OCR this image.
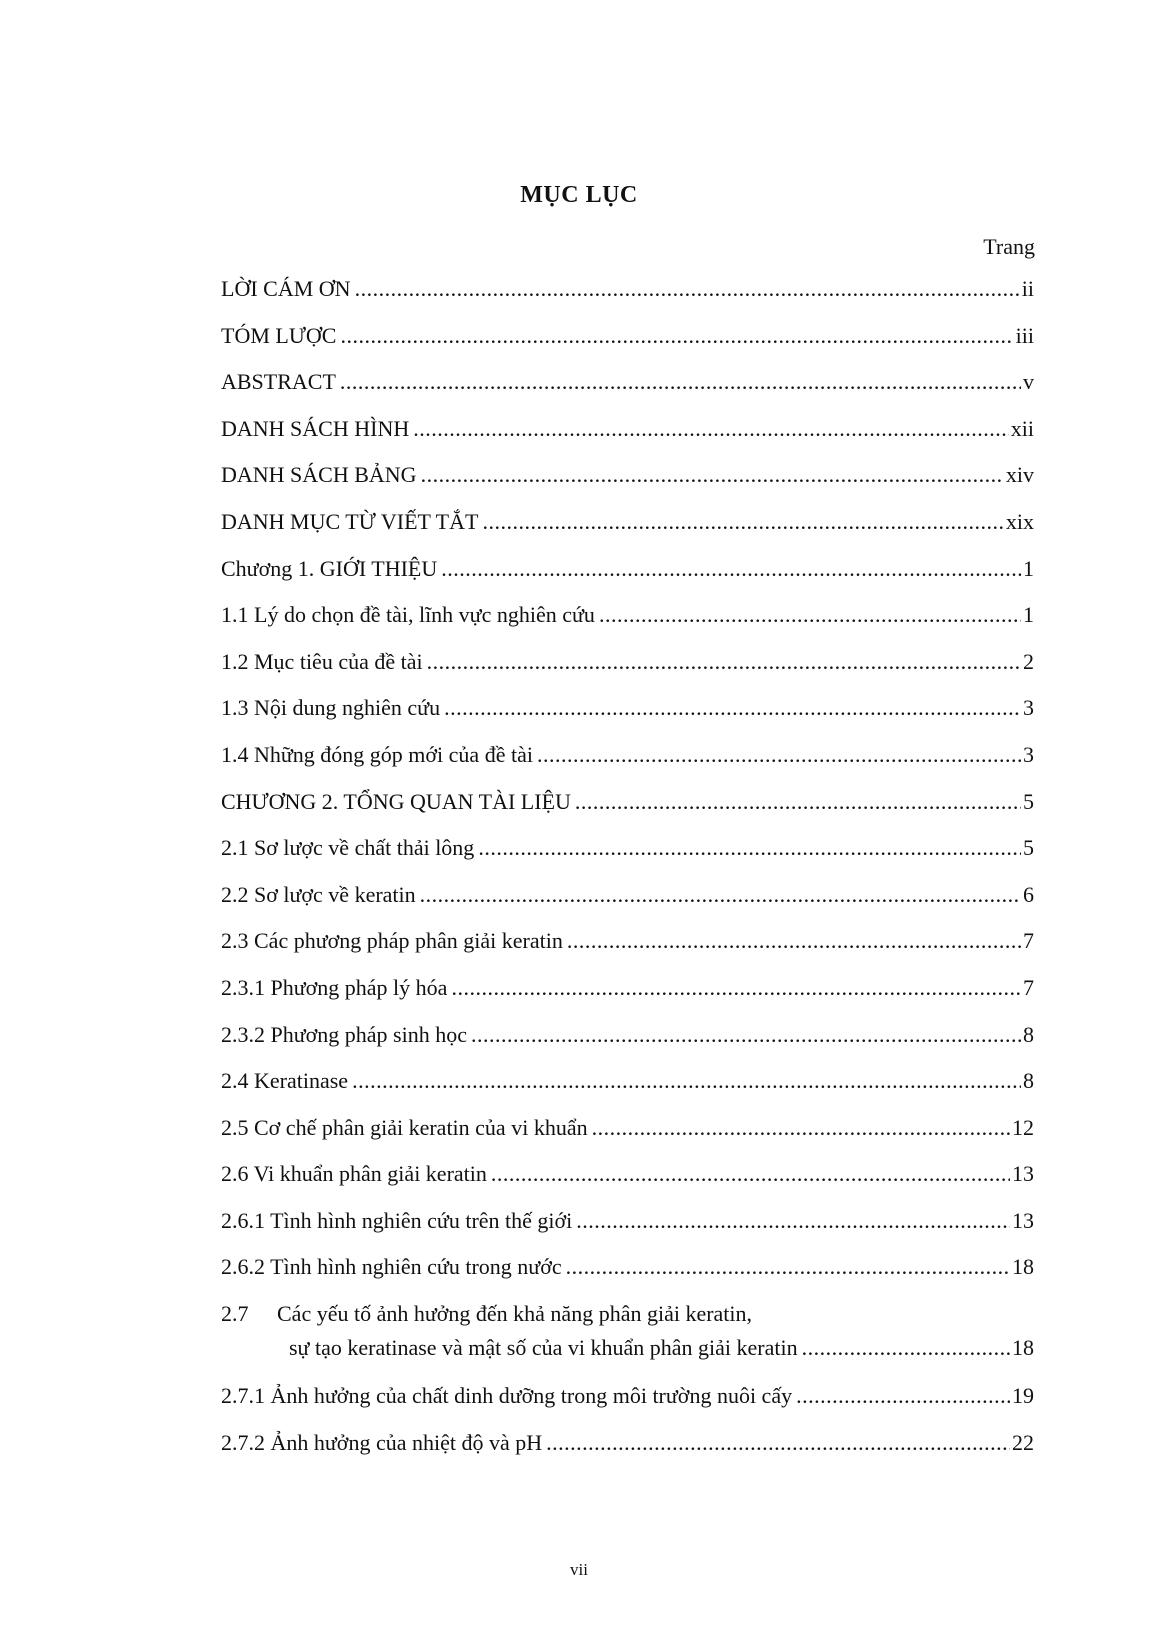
MỤC LỤC
Trang
LỜI CÁM ƠN .....	ii
TÓM LƯỢC .....	iii
ABSTRACT .....	v
DANH SÁCH HÌNH .....	xii
DANH SÁCH BẢNG .....	xiv
DANH MỤC TỪ VIẾT TẮT .....	xix
Chương 1. GIỚI THIỆU .....	1
1.1 Lý do chọn đề tài, lĩnh vực nghiên cứu .....	1
1.2 Mục tiêu của đề tài .....	2
1.3 Nội dung nghiên cứu .....	3
1.4 Những đóng góp mới của đề tài .....	3
CHƯƠNG 2. TỔNG QUAN TÀI LIỆU .....	5
2.1 Sơ lược về chất thải lông .....	5
2.2 Sơ lược về keratin .....	6
2.3 Các phương pháp phân giải keratin .....	7
2.3.1 Phương pháp lý hóa .....	7
2.3.2 Phương pháp sinh học .....	8
2.4 Keratinase .....	8
2.5 Cơ chế phân giải keratin của vi khuẩn .....	12
2.6 Vi khuẩn phân giải keratin .....	13
2.6.1 Tình hình nghiên cứu trên thế giới .....	13
2.6.2 Tình hình nghiên cứu trong nước .....	18
2.7	Các yếu tố ảnh hưởng đến khả năng phân giải keratin,
sự tạo keratinase và mật số của vi khuẩn phân giải keratin .....	18
2.7.1 Ảnh hưởng của chất dinh dưỡng trong môi trường nuôi cấy .....	19
2.7.2 Ảnh hưởng của nhiệt độ và pH .....	22
vii
